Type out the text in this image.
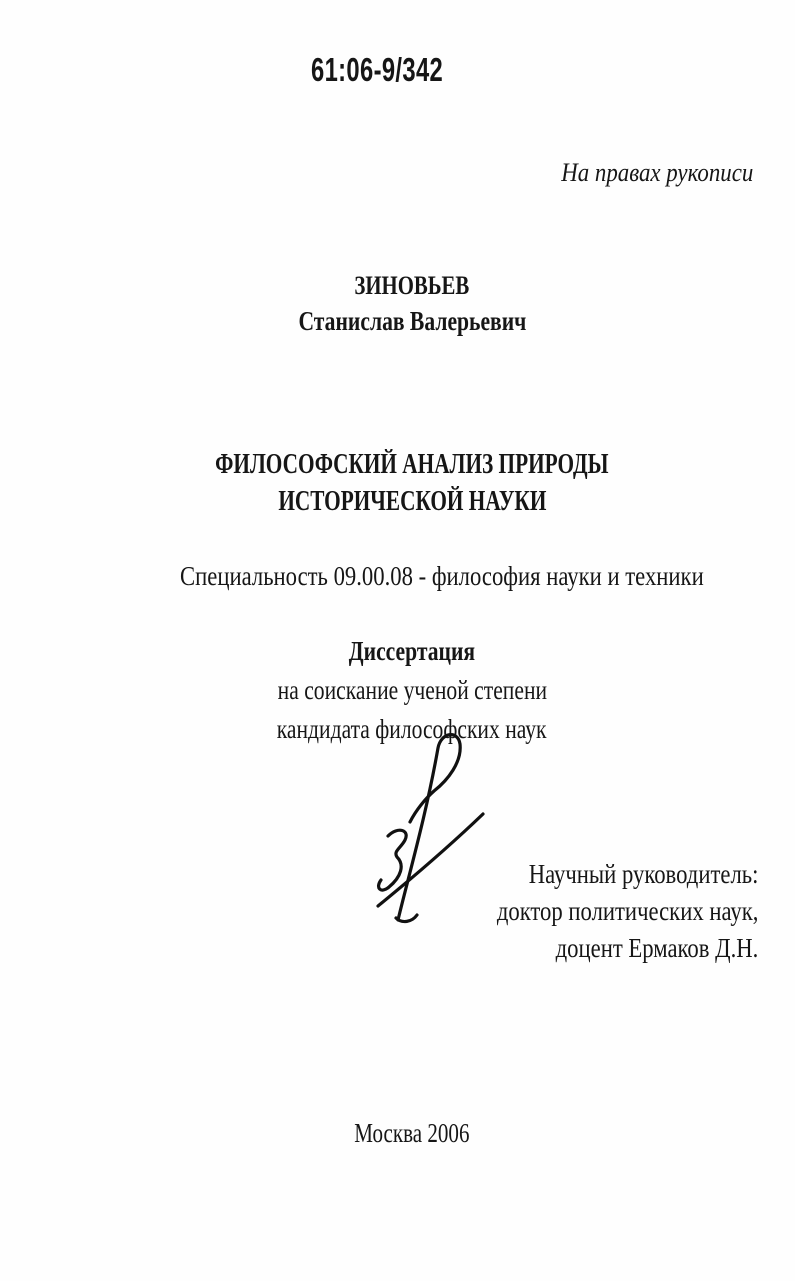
61:06-9/342
На правах рукописи
ЗИНОВЬЕВ
Станислав Валерьевич
ФИЛОСОФСКИЙ АНАЛИЗ ПРИРОДЫ
ИСТОРИЧЕСКОЙ НАУКИ
Специальность 09.00.08 - философия науки и техники
Диссертация
на соискание ученой степени
кандидата философских наук
Научный руководитель:
доктор политических наук,
доцент Ермаков Д.Н.
Москва 2006
